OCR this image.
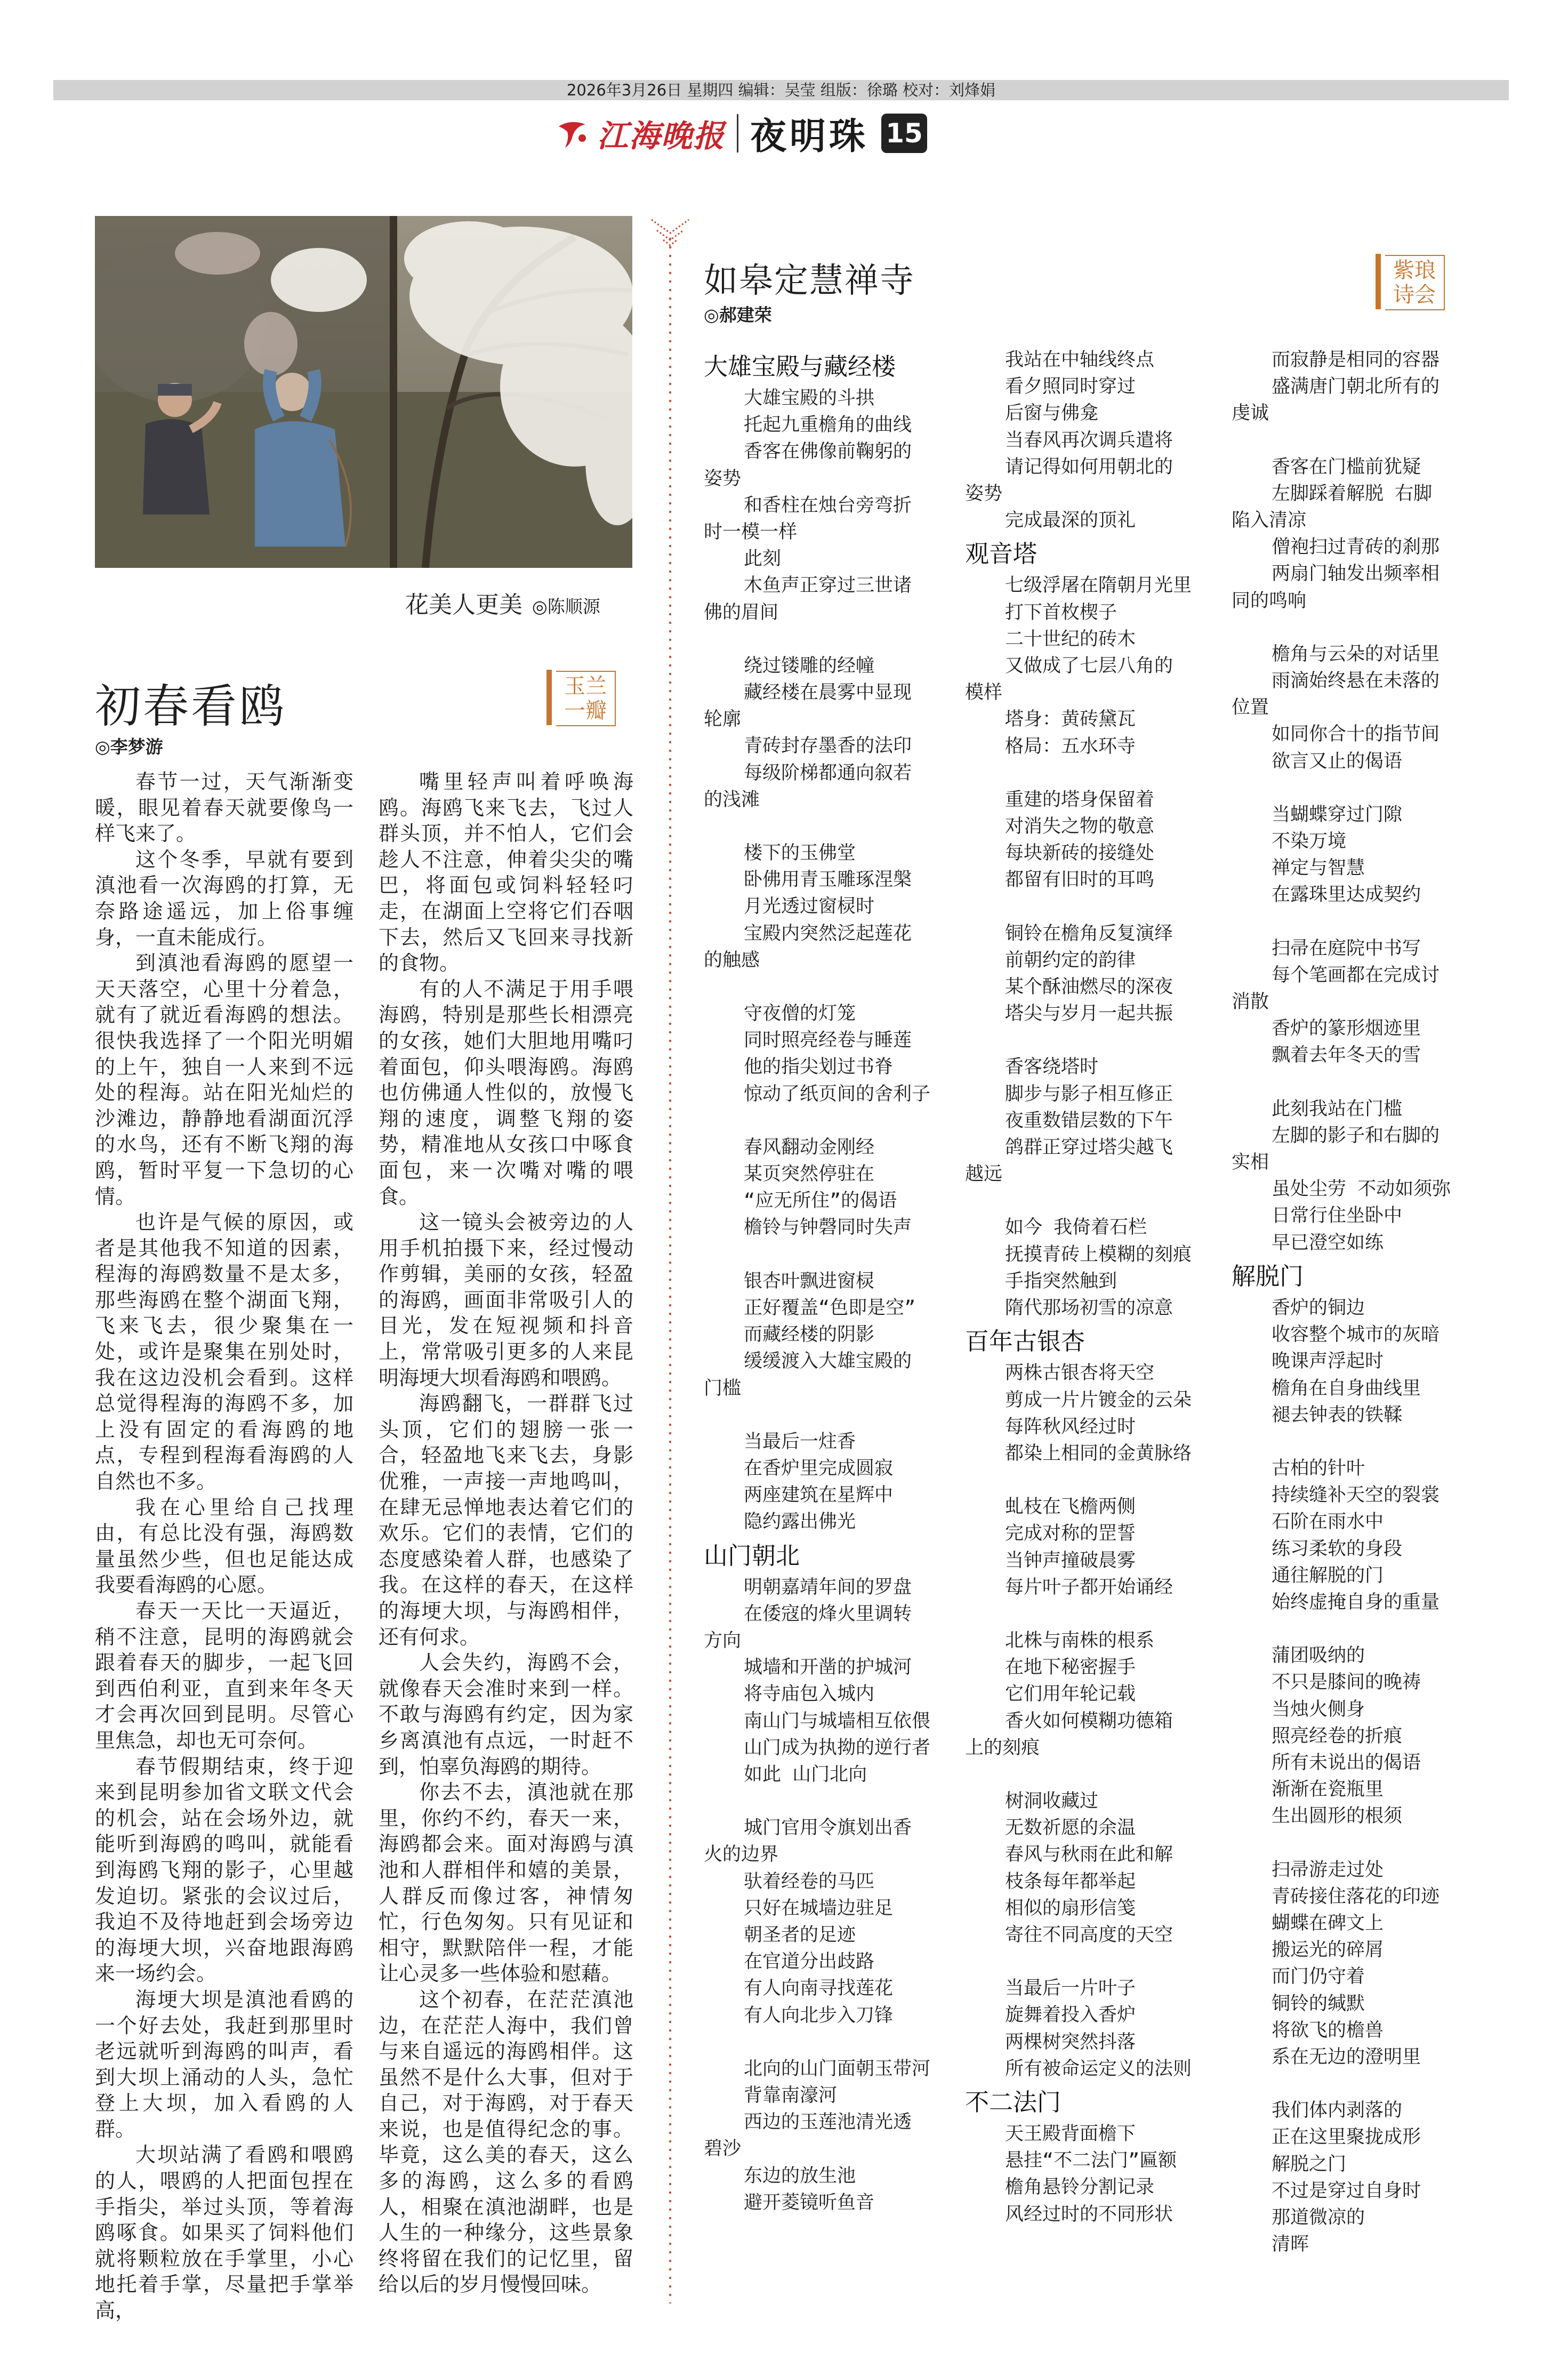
2026年3月26日 星期四 编辑：吴莹 组版：徐璐 校对：刘烽娟
江海晚报 夜明珠 15
花美人更美 ◎陈顺源
初春看鸥
◎李梦游
玉兰
一瓣

春节一过，天气渐渐变暖，眼见着春天就要像鸟一样飞来了。

这个冬季，早就有要到滇池看一次海鸥的打算，无奈路途遥远，加上俗事缠身，一直未能成行。

到滇池看海鸥的愿望一天天落空，心里十分着急，就有了就近看海鸥的想法。很快我选择了一个阳光明媚的上午，独自一人来到不远处的程海。站在阳光灿烂的沙滩边，静静地看湖面沉浮的水鸟，还有不断飞翔的海鸥，暂时平复一下急切的心情。

也许是气候的原因，或者是其他我不知道的因素，程海的海鸥数量不是太多，那些海鸥在整个湖面飞翔，飞来飞去，很少聚集在一处，或许是聚集在别处时，我在这边没机会看到。这样总觉得程海的海鸥不多，加上没有固定的看海鸥的地点，专程到程海看海鸥的人自然也不多。

我在心里给自己找理由，有总比没有强，海鸥数量虽然少些，但也足能达成我要看海鸥的心愿。

春天一天比一天逼近，稍不注意，昆明的海鸥就会跟着春天的脚步，一起飞回到西伯利亚，直到来年冬天才会再次回到昆明。尽管心里焦急，却也无可奈何。

春节假期结束，终于迎来到昆明参加省文联文代会的机会，站在会场外边，就能听到海鸥的鸣叫，就能看到海鸥飞翔的影子，心里越发迫切。紧张的会议过后，我迫不及待地赶到会场旁边的海埂大坝，兴奋地跟海鸥来一场约会。

海埂大坝是滇池看鸥的一个好去处，我赶到那里时老远就听到海鸥的叫声，看到大坝上涌动的人头，急忙登上大坝，加入看鸥的人群。

大坝站满了看鸥和喂鸥的人，喂鸥的人把面包捏在手指尖，举过头顶，等着海鸥啄食。如果买了饲料他们就将颗粒放在手掌里，小心地托着手掌，尽量把手掌举高，

嘴里轻声叫着呼唤海鸥。海鸥飞来飞去，飞过人群头顶，并不怕人，它们会趁人不注意，伸着尖尖的嘴巴，将面包或饲料轻轻叼走，在湖面上空将它们吞咽下去，然后又飞回来寻找新的食物。

有的人不满足于用手喂海鸥，特别是那些长相漂亮的女孩，她们大胆地用嘴叼着面包，仰头喂海鸥。海鸥也仿佛通人性似的，放慢飞翔的速度，调整飞翔的姿势，精准地从女孩口中啄食面包，来一次嘴对嘴的喂食。

这一镜头会被旁边的人用手机拍摄下来，经过慢动作剪辑，美丽的女孩，轻盈的海鸥，画面非常吸引人的目光，发在短视频和抖音上，常常吸引更多的人来昆明海埂大坝看海鸥和喂鸥。

海鸥翻飞，一群群飞过头顶，它们的翅膀一张一合，轻盈地飞来飞去，身影优雅，一声接一声地鸣叫，在肆无忌惮地表达着它们的欢乐。它们的表情，它们的态度感染着人群，也感染了我。在这样的春天，在这样的海埂大坝，与海鸥相伴，还有何求。

人会失约，海鸥不会，就像春天会准时来到一样。不敢与海鸥有约定，因为家乡离滇池有点远，一时赶不到，怕辜负海鸥的期待。

你去不去，滇池就在那里，你约不约，春天一来，海鸥都会来。面对海鸥与滇池和人群相伴和嬉的美景，人群反而像过客，神情匆忙，行色匆匆。只有见证和相守，默默陪伴一程，才能让心灵多一些体验和慰藉。

这个初春，在茫茫滇池边，在茫茫人海中，我们曾与来自遥远的海鸥相伴。这虽然不是什么大事，但对于自己，对于海鸥，对于春天来说，也是值得纪念的事。毕竟，这么美的春天，这么多的海鸥，这么多的看鸥人，相聚在滇池湖畔，也是人生的一种缘分，这些景象终将留在我们的记忆里，留给以后的岁月慢慢回味。

如皋定慧禅寺
◎郝建荣
紫琅
诗会
大雄宝殿与藏经楼
大雄宝殿的斗拱
托起九重檐角的曲线
香客在佛像前鞠躬的
姿势
和香柱在烛台旁弯折
时一模一样
此刻
木鱼声正穿过三世诸
佛的眉间
绕过镂雕的经幢
藏经楼在晨雾中显现
轮廓
青砖封存墨香的法印
每级阶梯都通向叙若
的浅滩
楼下的玉佛堂
卧佛用青玉雕琢涅槃
月光透过窗棂时
宝殿内突然泛起莲花
的触感
守夜僧的灯笼
同时照亮经卷与睡莲
他的指尖划过书脊
惊动了纸页间的舍利子
春风翻动金刚经
某页突然停驻在
“应无所住”的偈语
檐铃与钟磬同时失声
银杏叶飘进窗棂
正好覆盖“色即是空”
而藏经楼的阴影
缓缓渡入大雄宝殿的
门槛
当最后一炷香
在香炉里完成圆寂
两座建筑在星辉中
隐约露出佛光
山门朝北
明朝嘉靖年间的罗盘
在倭寇的烽火里调转
方向
城墙和开凿的护城河
将寺庙包入城内
南山门与城墙相互依偎
山门成为执拗的逆行者
如此 山门北向
城门官用令旗划出香
火的边界
驮着经卷的马匹
只好在城墙边驻足
朝圣者的足迹
在官道分出歧路
有人向南寻找莲花
有人向北步入刀锋
北向的山门面朝玉带河
背靠南濠河
西边的玉莲池清光透
碧沙
东边的放生池
避开菱镜听鱼音
我站在中轴线终点
看夕照同时穿过
后窗与佛龛
当春风再次调兵遣将
请记得如何用朝北的
姿势
完成最深的顶礼
观音塔
七级浮屠在隋朝月光里
打下首枚楔子
二十世纪的砖木
又做成了七层八角的
模样
塔身：黄砖黛瓦
格局：五水环寺
重建的塔身保留着
对消失之物的敬意
每块新砖的接缝处
都留有旧时的耳鸣
铜铃在檐角反复演绎
前朝约定的韵律
某个酥油燃尽的深夜
塔尖与岁月一起共振
香客绕塔时
脚步与影子相互修正
夜重数错层数的下午
鸽群正穿过塔尖越飞
越远
如今 我倚着石栏
抚摸青砖上模糊的刻痕
手指突然触到
隋代那场初雪的凉意
百年古银杏
两株古银杏将天空
剪成一片片镀金的云朵
每阵秋风经过时
都染上相同的金黄脉络
虬枝在飞檐两侧
完成对称的罡誓
当钟声撞破晨雾
每片叶子都开始诵经
北株与南株的根系
在地下秘密握手
它们用年轮记载
香火如何模糊功德箱
上的刻痕
树洞收藏过
无数祈愿的余温
春风与秋雨在此和解
枝条每年都举起
相似的扇形信笺
寄往不同高度的天空
当最后一片叶子
旋舞着投入香炉
两棵树突然抖落
所有被命运定义的法则
不二法门
天王殿背面檐下
悬挂“不二法门”匾额
檐角悬铃分割记录
风经过时的不同形状
而寂静是相同的容器
盛满唐门朝北所有的
虔诚
香客在门槛前犹疑
左脚踩着解脱 右脚
陷入清凉
僧袍扫过青砖的刹那
两扇门轴发出频率相
同的鸣响
檐角与云朵的对话里
雨滴始终悬在未落的
位置
如同你合十的指节间
欲言又止的偈语
当蝴蝶穿过门隙
不染万境
禅定与智慧
在露珠里达成契约
扫帚在庭院中书写
每个笔画都在完成讨
消散
香炉的篆形烟迹里
飘着去年冬天的雪
此刻我站在门槛
左脚的影子和右脚的
实相
虽处尘劳 不动如须弥
日常行住坐卧中
早已澄空如练
解脱门
香炉的铜边
收容整个城市的灰暗
晚课声浮起时
檐角在自身曲线里
褪去钟表的铁鞣
古柏的针叶
持续缝补天空的裂裳
石阶在雨水中
练习柔软的身段
通往解脱的门
始终虚掩自身的重量
蒲团吸纳的
不只是膝间的晚祷
当烛火侧身
照亮经卷的折痕
所有未说出的偈语
渐渐在瓷瓶里
生出圆形的根须
扫帚游走过处
青砖接住落花的印迹
蝴蝶在碑文上
搬运光的碎屑
而门仍守着
铜铃的缄默
将欲飞的檐兽
系在无边的澄明里
我们体内剥落的
正在这里聚拢成形
解脱之门
不过是穿过自身时
那道微凉的
清晖
